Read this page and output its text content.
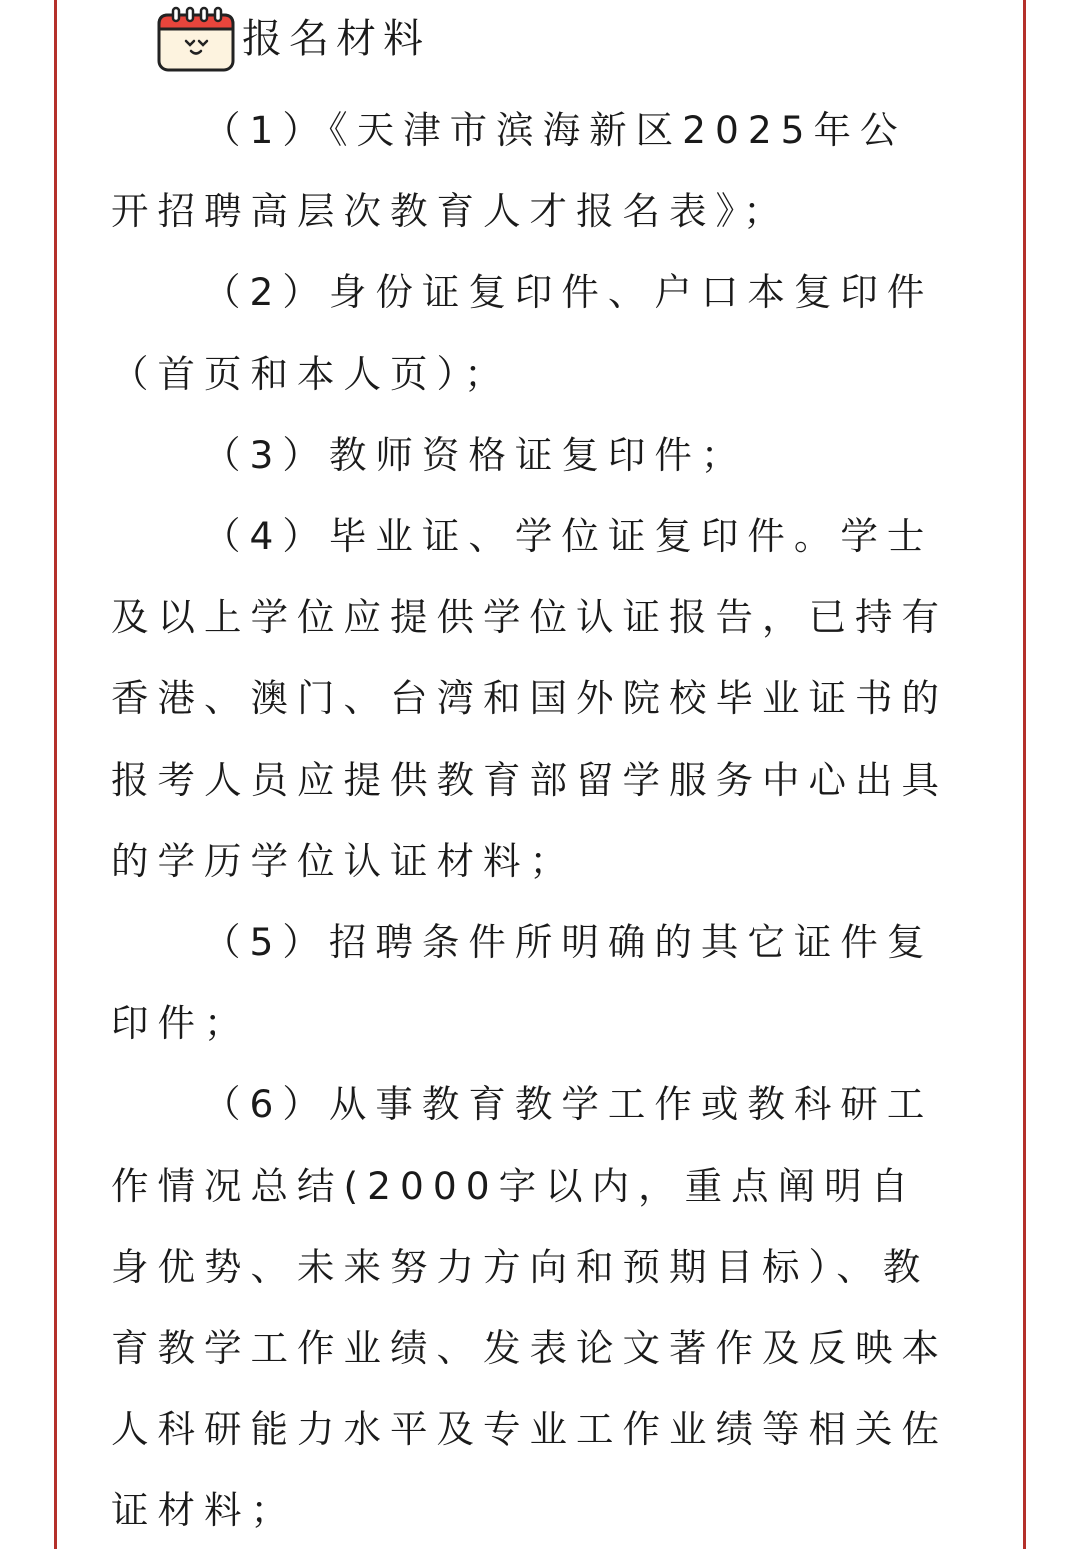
报名材料

（1）《天津市滨海新区2025年公开招聘高层次教育人才报名表》；

（2）身份证复印件、户口本复印件（首页和本人页）；

（3）教师资格证复印件；

（4）毕业证、学位证复印件。学士及以上学位应提供学位认证报告，已持有香港、澳门、台湾和国外院校毕业证书的报考人员应提供教育部留学服务中心出具的学历学位认证材料；

（5）招聘条件所明确的其它证件复印件；

（6）从事教育教学工作或教科研工作情况总结(2000字以内，重点阐明自身优势、未来努力方向和预期目标）、教育教学工作业绩、发表论文著作及反映本人科研能力水平及专业工作业绩等相关佐证材料；
